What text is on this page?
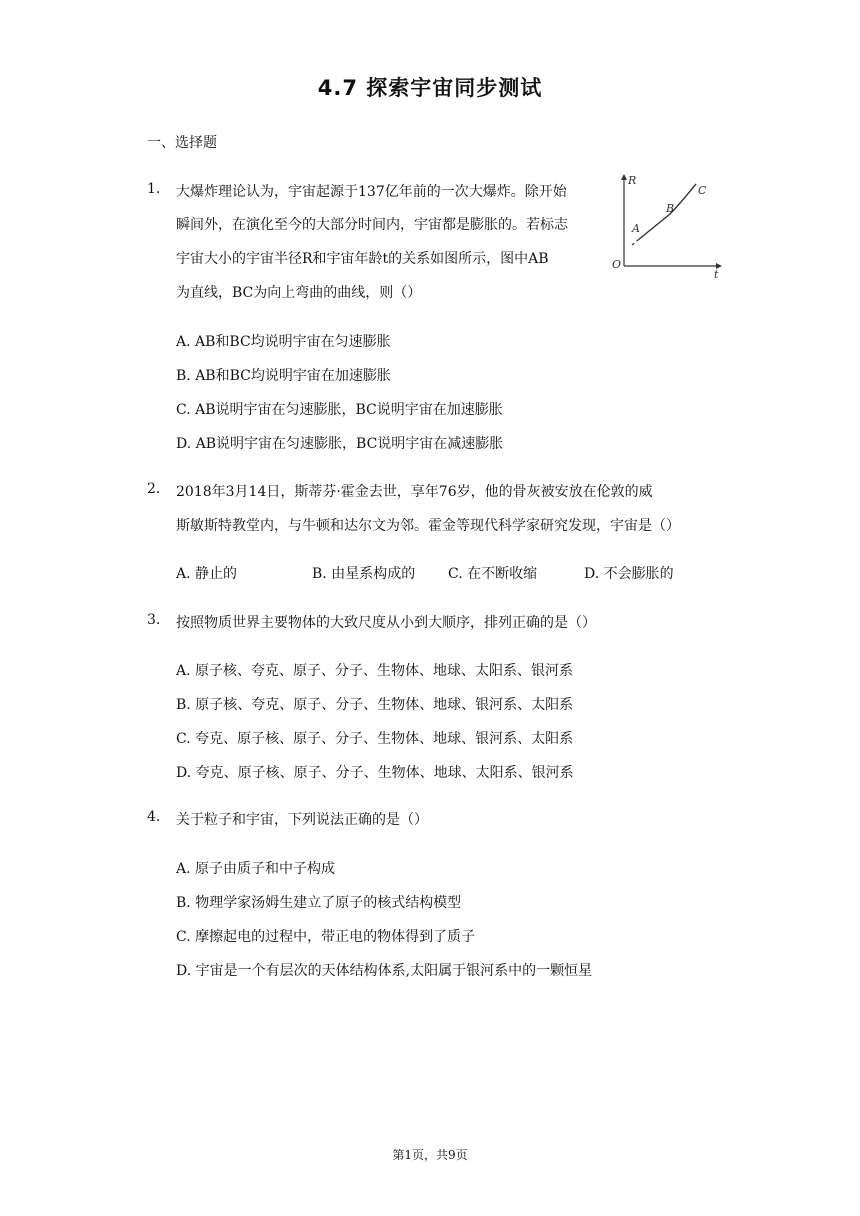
4.7 探索宇宙同步测试
一、选择题
1. 大爆炸理论认为，宇宙起源于137亿年前的一次大爆炸。除开始
瞬间外，在演化至今的大部分时间内，宇宙都是膨胀的。若标志
宇宙大小的宇宙半径R和宇宙年龄t的关系如图所示，图中AB
为直线，BC为向上弯曲的曲线，则（）
R
t
O
A
B
C
A. AB和BC均说明宇宙在匀速膨胀
B. AB和BC均说明宇宙在加速膨胀
C. AB说明宇宙在匀速膨胀，BC说明宇宙在加速膨胀
D. AB说明宇宙在匀速膨胀，BC说明宇宙在减速膨胀
2. 2018年3月14日，斯蒂芬·霍金去世，享年76岁，他的骨灰被安放在伦敦的威
斯敏斯特教堂内，与牛顿和达尔文为邻。霍金等现代科学家研究发现，宇宙是（）
A. 静止的	B. 由星系构成的 C. 在不断收缩	D. 不会膨胀的
3. 按照物质世界主要物体的大致尺度从小到大顺序，排列正确的是（）
A. 原子核、夸克、原子、分子、生物体、地球、太阳系、银河系
B. 原子核、夸克、原子、分子、生物体、地球、银河系、太阳系
C. 夸克、原子核、原子、分子、生物体、地球、银河系、太阳系
D. 夸克、原子核、原子、分子、生物体、地球、太阳系、银河系
4. 关于粒子和宇宙，下列说法正确的是（）
A. 原子由质子和中子构成
B. 物理学家汤姆生建立了原子的核式结构模型
C. 摩擦起电的过程中，带正电的物体得到了质子
D. 宇宙是一个有层次的天体结构体系,太阳属于银河系中的一颗恒星
第1页，共9页
